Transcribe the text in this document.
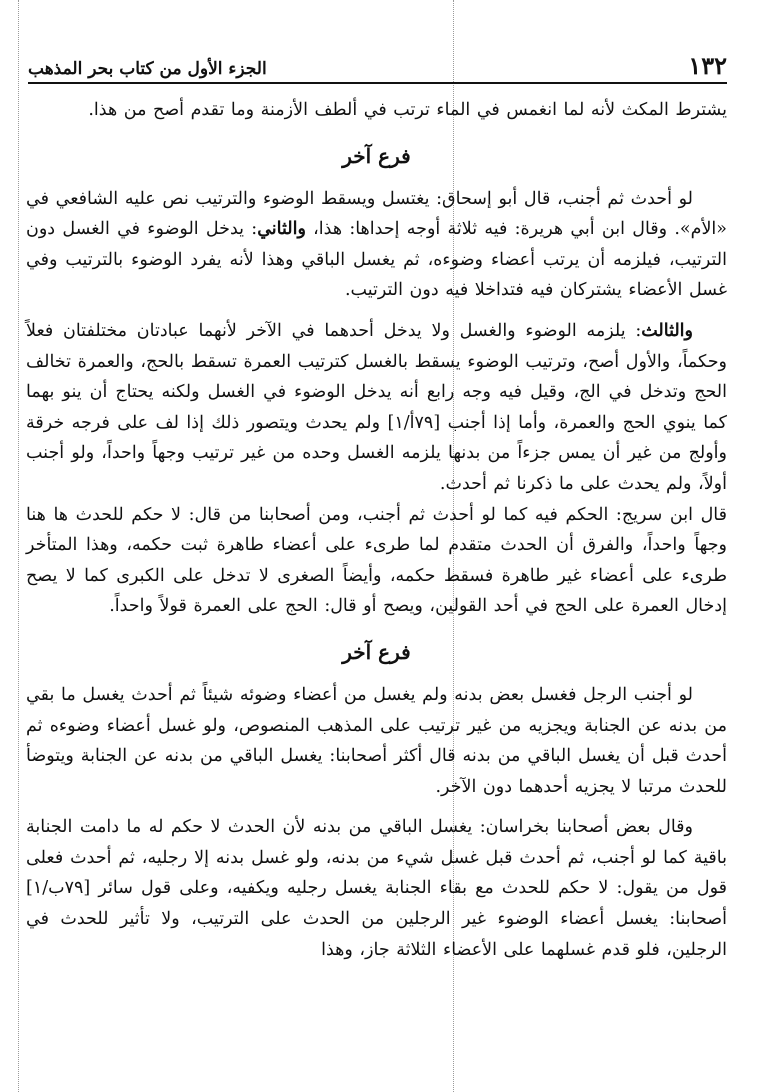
١٣٢
الجزء الأول من كتاب بحر المذهب

يشترط المكث لأنه لما انغمس في الماء ترتب في ألطف الأزمنة وما تقدم أصح من هذا.

فرع آخر

لو أحدث ثم أجنب، قال أبو إسحاق: يغتسل ويسقط الوضوء والترتيب نص عليه الشافعي في «الأم». وقال ابن أبي هريرة: فيه ثلاثة أوجه إحداها: هذا، والثاني: يدخل الوضوء في الغسل دون الترتيب، فيلزمه أن يرتب أعضاء وضوءه، ثم يغسل الباقي وهذا لأنه يفرد الوضوء بالترتيب وفي غسل الأعضاء يشتركان فيه فتداخلا فيه دون الترتيب.

والثالث: يلزمه الوضوء والغسل ولا يدخل أحدهما في الآخر لأنهما عبادتان مختلفتان فعلاً وحكماً، والأول أصح، وترتيب الوضوء يسقط بالغسل كترتيب العمرة تسقط بالحج، والعمرة تخالف الحج وتدخل في الج، وقيل فيه وجه رابع أنه يدخل الوضوء في الغسل ولكنه يحتاج أن ينو بهما كما ينوي الحج والعمرة، وأما إذا أجنب [٧٩أ/١] ولم يحدث ويتصور ذلك إذا لف على فرجه خرقة وأولج من غير أن يمس جزءاً من بدنها يلزمه الغسل وحده من غير ترتيب وجهاً واحداً، ولو أجنب أولاً، ولم يحدث على ما ذكرنا ثم أحدث.

قال ابن سريج: الحكم فيه كما لو أحدث ثم أجنب، ومن أصحابنا من قال: لا حكم للحدث ها هنا وجهاً واحداً، والفرق أن الحدث متقدم لما طرىء على أعضاء طاهرة ثبت حكمه، وهذا المتأخر طرىء على أعضاء غير طاهرة فسقط حكمه، وأيضاً الصغرى لا تدخل على الكبرى كما لا يصح إدخال العمرة على الحج في أحد القولين، ويصح أو قال: الحج على العمرة قولاً واحداً.

فرع آخر

لو أجنب الرجل فغسل بعض بدنه ولم يغسل من أعضاء وضوئه شيئاً ثم أحدث يغسل ما بقي من بدنه عن الجنابة ويجزيه من غير ترتيب على المذهب المنصوص، ولو غسل أعضاء وضوءه ثم أحدث قبل أن يغسل الباقي من بدنه قال أكثر أصحابنا: يغسل الباقي من بدنه عن الجنابة ويتوضأ للحدث مرتبا لا يجزيه أحدهما دون الآخر.

وقال بعض أصحابنا بخراسان: يغسل الباقي من بدنه لأن الحدث لا حكم له ما دامت الجنابة باقية كما لو أجنب، ثم أحدث قبل غسل شيء من بدنه، ولو غسل بدنه إلا رجليه، ثم أحدث فعلى قول من يقول: لا حكم للحدث مع بقاء الجنابة يغسل رجليه ويكفيه، وعلى قول سائر [٧٩ب/١] أصحابنا: يغسل أعضاء الوضوء غير الرجلين من الحدث على الترتيب، ولا تأثير للحدث في الرجلين، فلو قدم غسلهما على الأعضاء الثلاثة جاز، وهذا
